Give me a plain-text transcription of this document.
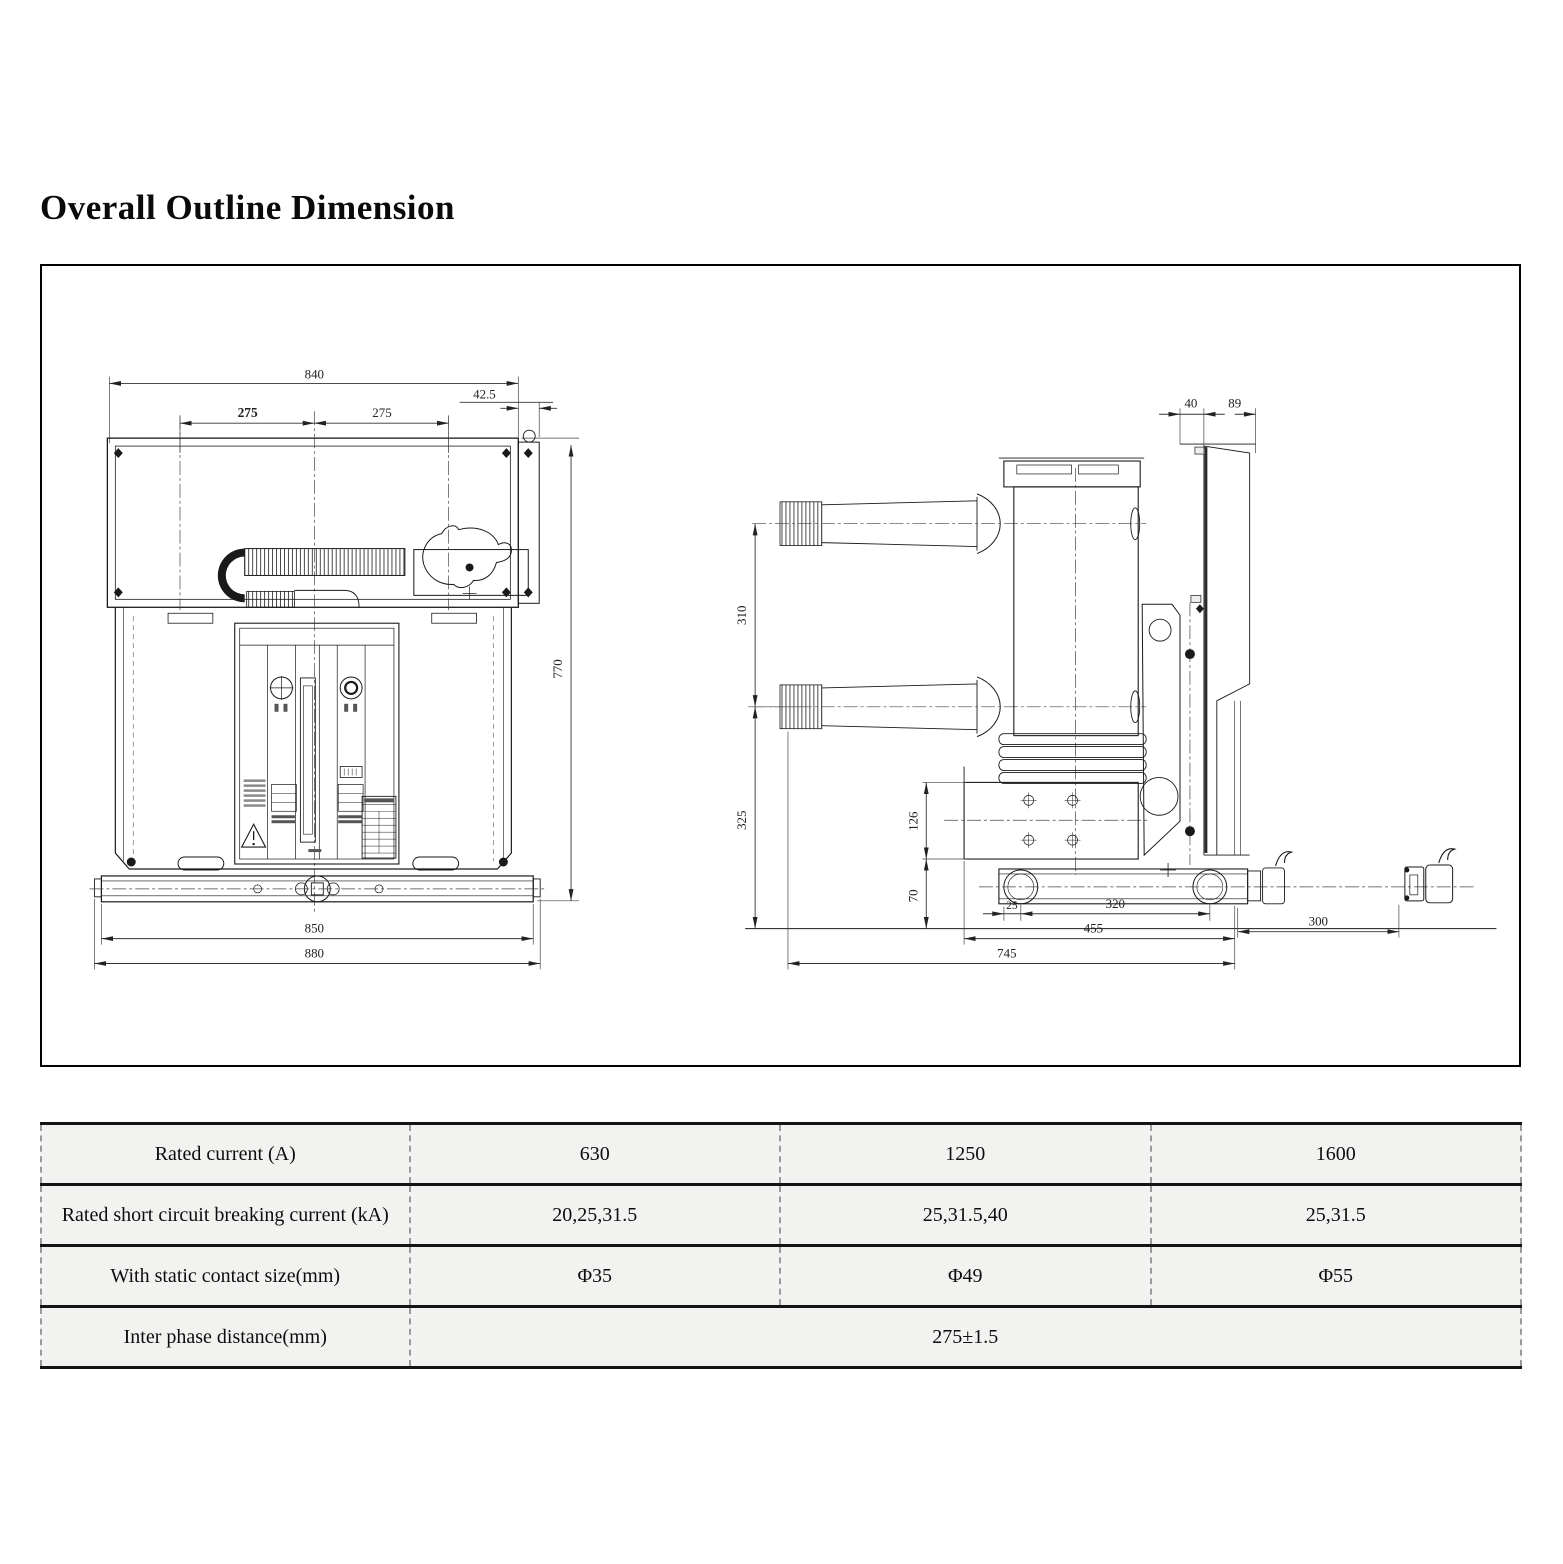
Overall Outline Dimension
840
275	275
42.5
770
850
880
310
325	126
70
300
25	320
455
745
40 89
Rated current (A)	630	1250	1600
Rated short circuit breaking current (kA)	20,25,31.5	25,31.5,40	25,31.5
With static contact size(mm)	Φ35	Φ49	Φ55
Inter phase distance(mm)	275±1.5
